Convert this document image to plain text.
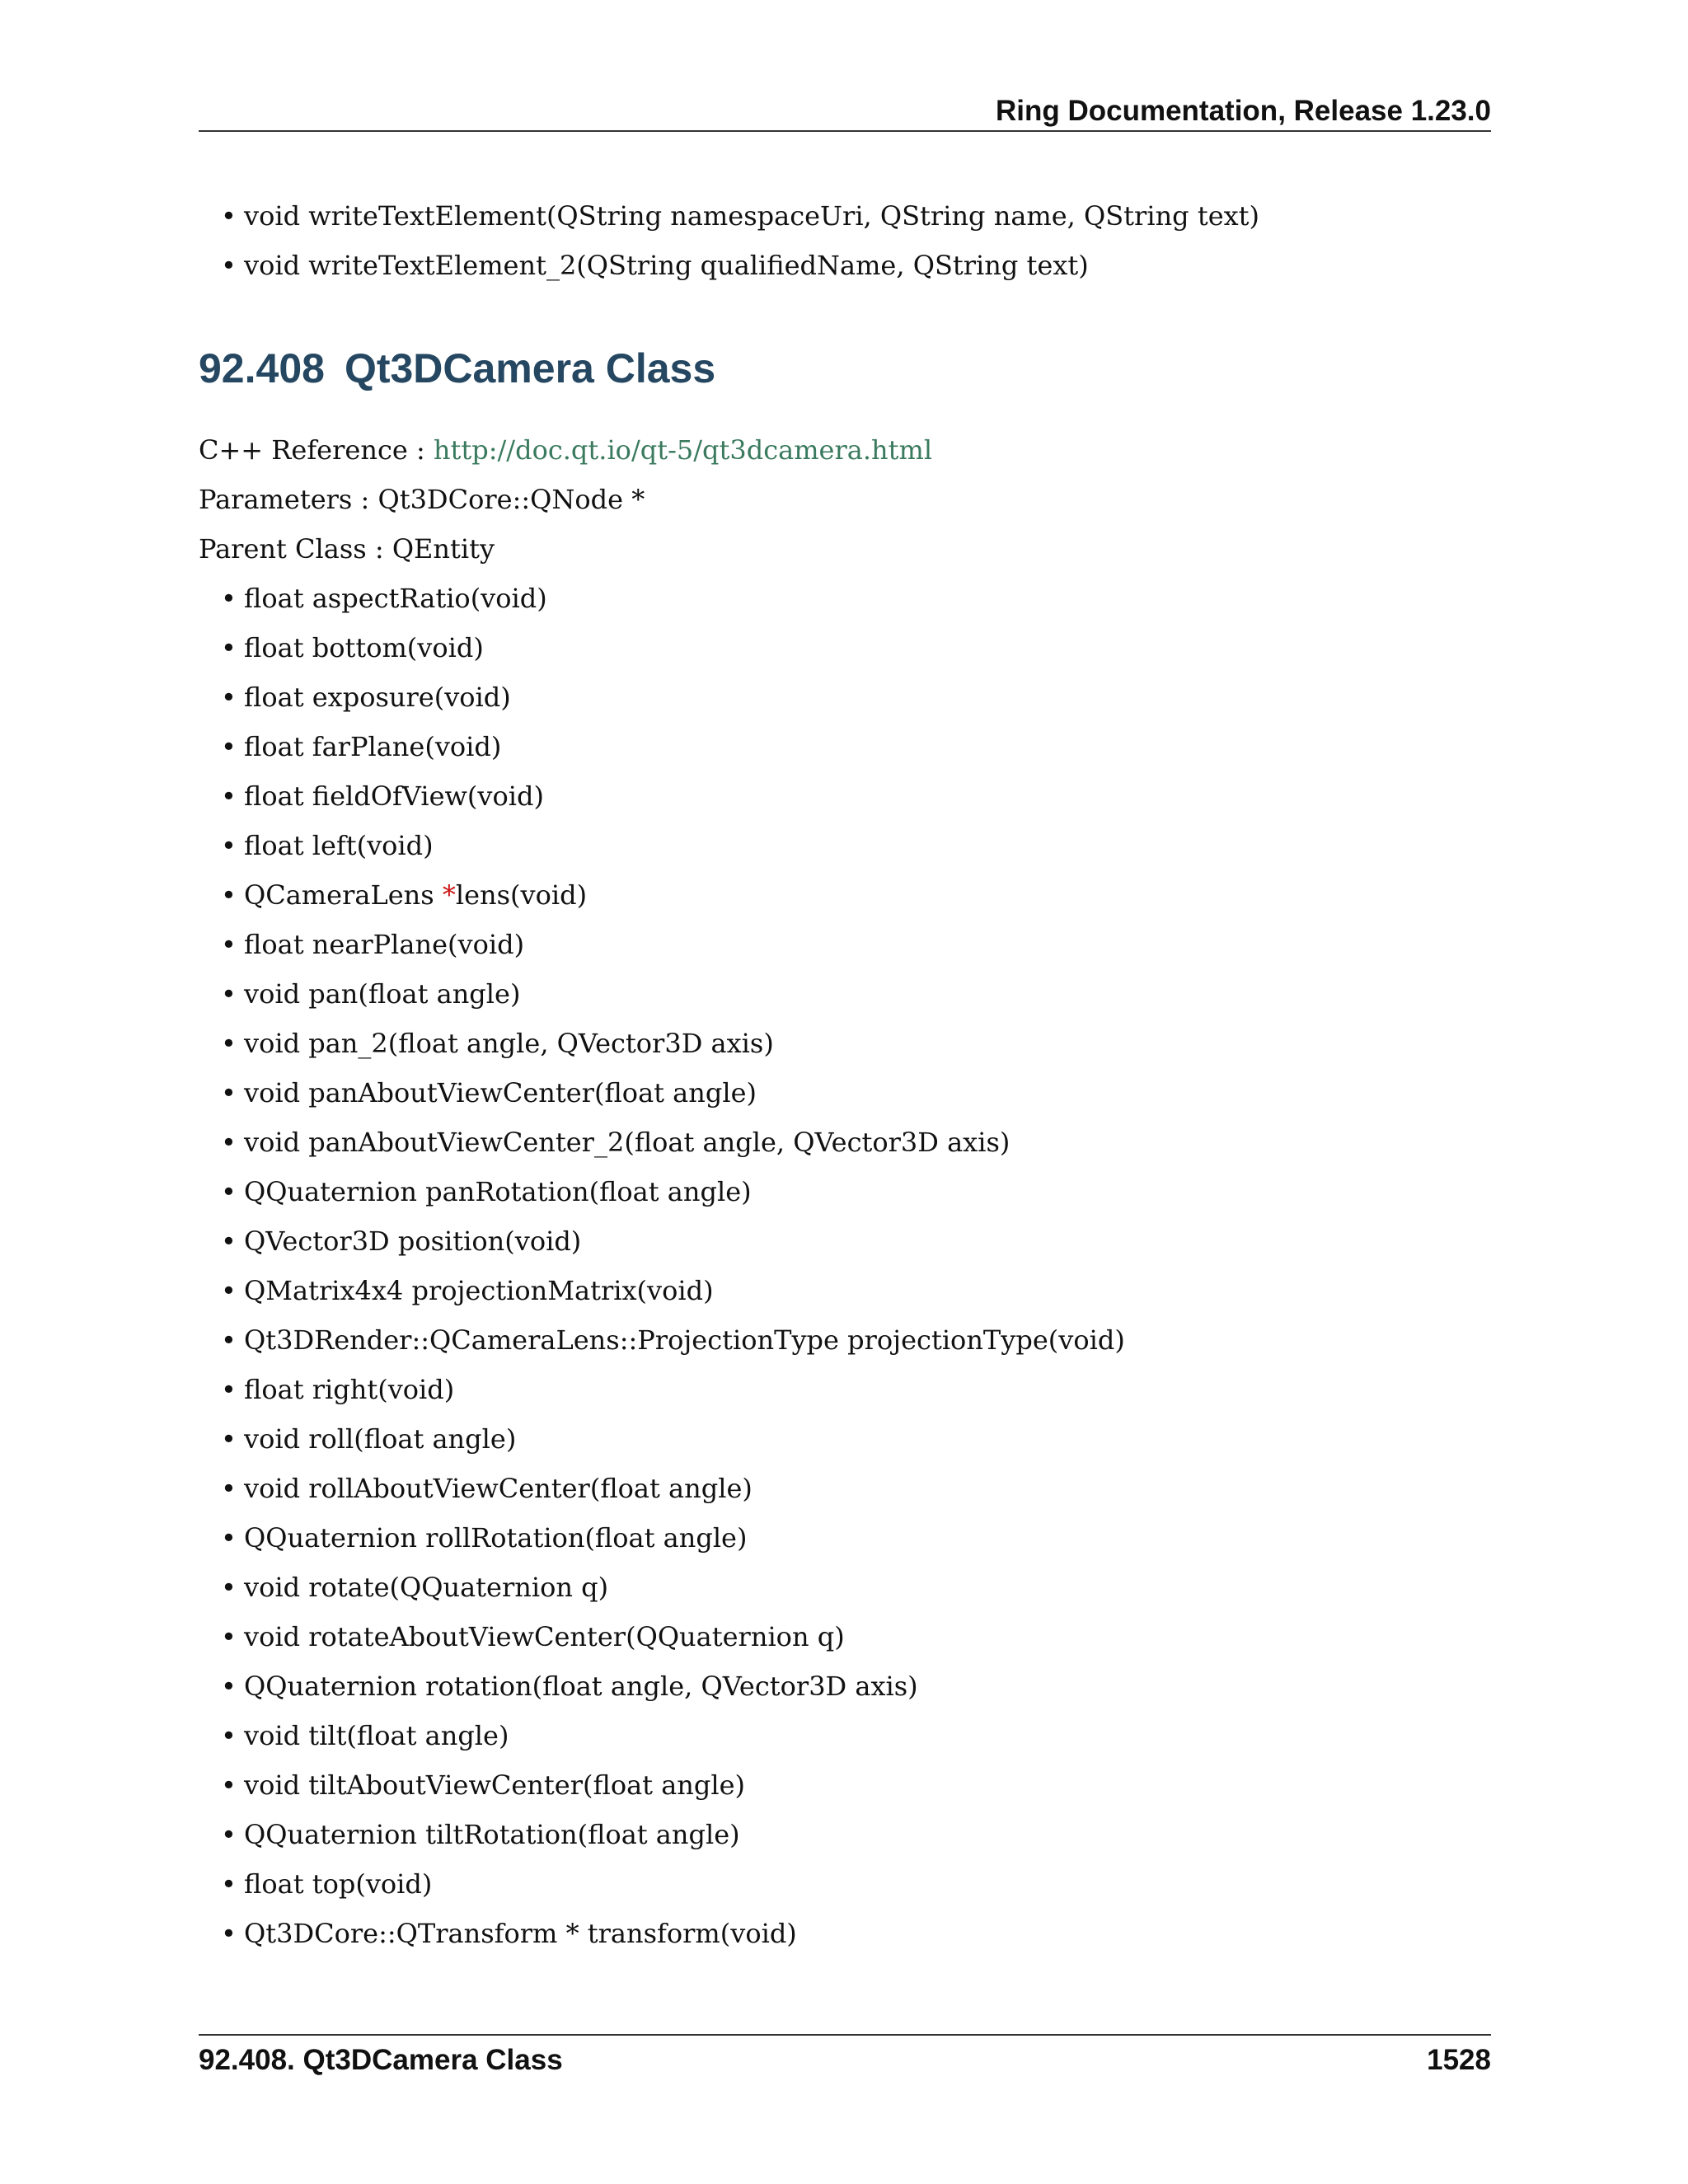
Ring Documentation, Release 1.23.0
• void writeTextElement(QString namespaceUri, QString name, QString text)
• void writeTextElement_2(QString qualifiedName, QString text)
92.408 Qt3DCamera Class
C++ Reference : http://doc.qt.io/qt-5/qt3dcamera.html
Parameters : Qt3DCore::QNode *
Parent Class : QEntity
• float aspectRatio(void)
• float bottom(void)
• float exposure(void)
• float farPlane(void)
• float fieldOfView(void)
• float left(void)
• QCameraLens *lens(void)
• float nearPlane(void)
• void pan(float angle)
• void pan_2(float angle, QVector3D axis)
• void panAboutViewCenter(float angle)
• void panAboutViewCenter_2(float angle, QVector3D axis)
• QQuaternion panRotation(float angle)
• QVector3D position(void)
• QMatrix4x4 projectionMatrix(void)
• Qt3DRender::QCameraLens::ProjectionType projectionType(void)
• float right(void)
• void roll(float angle)
• void rollAboutViewCenter(float angle)
• QQuaternion rollRotation(float angle)
• void rotate(QQuaternion q)
• void rotateAboutViewCenter(QQuaternion q)
• QQuaternion rotation(float angle, QVector3D axis)
• void tilt(float angle)
• void tiltAboutViewCenter(float angle)
• QQuaternion tiltRotation(float angle)
• float top(void)
• Qt3DCore::QTransform * transform(void)
92.408. Qt3DCamera Class	1528
